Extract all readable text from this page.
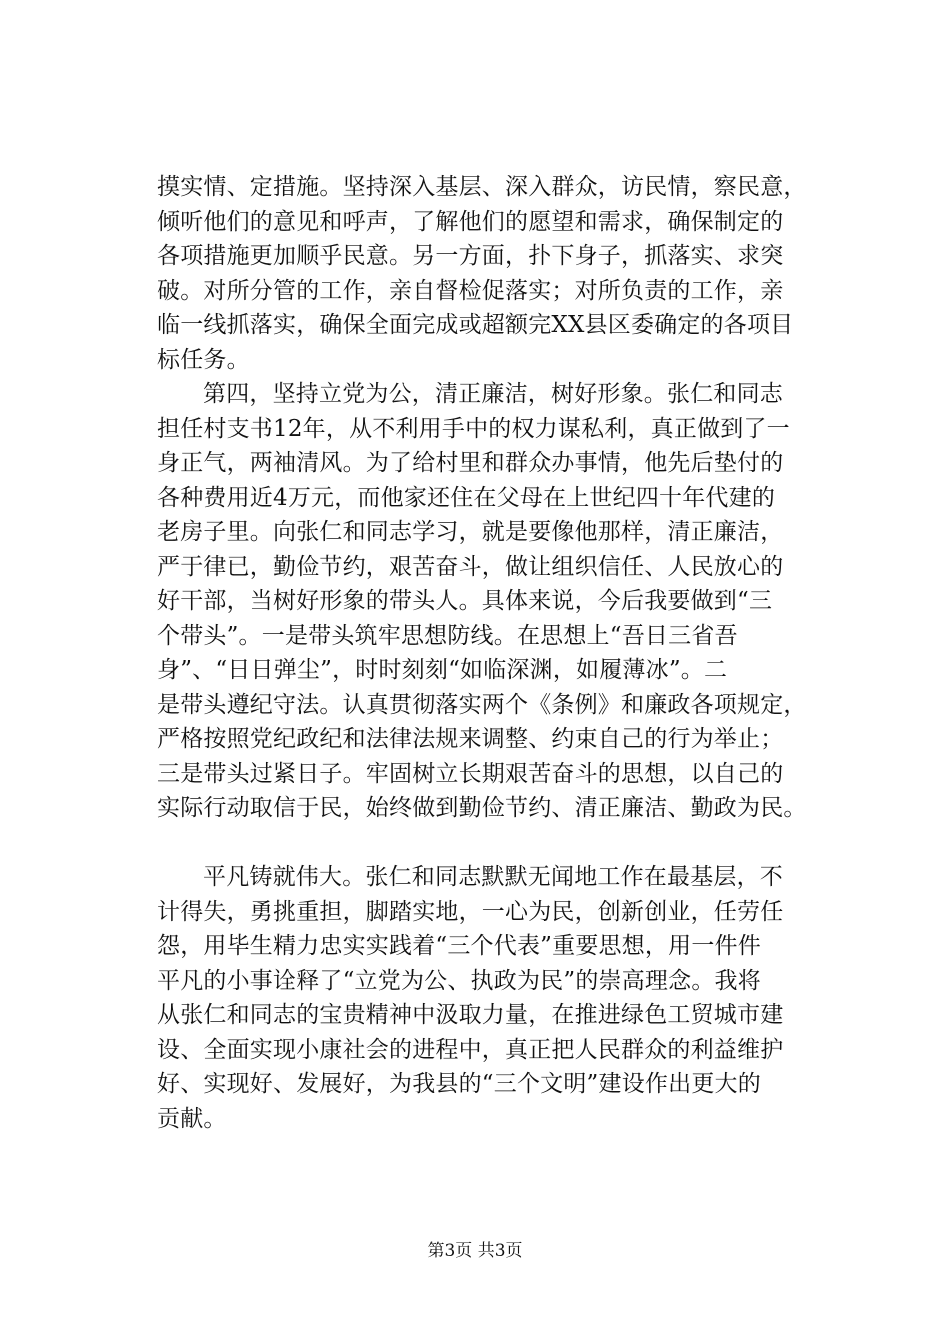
摸实情、定措施。坚持深入基层、深入群众，访民情，察民意，
倾听他们的意见和呼声，了解他们的愿望和需求，确保制定的
各项措施更加顺乎民意。另一方面，扑下身子，抓落实、求突
破。对所分管的工作，亲自督检促落实；对所负责的工作，亲
临一线抓落实，确保全面完成或超额完XX县区委确定的各项目
标任务。
第四，坚持立党为公，清正廉洁，树好形象。张仁和同志
担任村支书12年，从不利用手中的权力谋私利，真正做到了一
身正气，两袖清风。为了给村里和群众办事情，他先后垫付的
各种费用近4万元，而他家还住在父母在上世纪四十年代建的
老房子里。向张仁和同志学习，就是要像他那样，清正廉洁，
严于律已，勤俭节约，艰苦奋斗，做让组织信任、人民放心的
好干部，当树好形象的带头人。具体来说，今后我要做到“三
个带头”。一是带头筑牢思想防线。在思想上“吾日三省吾
身”、“日日弹尘”，时时刻刻“如临深渊，如履薄冰”。二
是带头遵纪守法。认真贯彻落实两个《条例》和廉政各项规定，
严格按照党纪政纪和法律法规来调整、约束自己的行为举止；
三是带头过紧日子。牢固树立长期艰苦奋斗的思想，以自己的
实际行动取信于民，始终做到勤俭节约、清正廉洁、勤政为民。
平凡铸就伟大。张仁和同志默默无闻地工作在最基层，不
计得失，勇挑重担，脚踏实地，一心为民，创新创业，任劳任
怨，用毕生精力忠实实践着“三个代表”重要思想，用一件件
平凡的小事诠释了“立党为公、执政为民”的崇高理念。我将
从张仁和同志的宝贵精神中汲取力量，在推进绿色工贸城市建
设、全面实现小康社会的进程中，真正把人民群众的利益维护
好、实现好、发展好，为我县的“三个文明”建设作出更大的
贡献。
第3页 共3页
